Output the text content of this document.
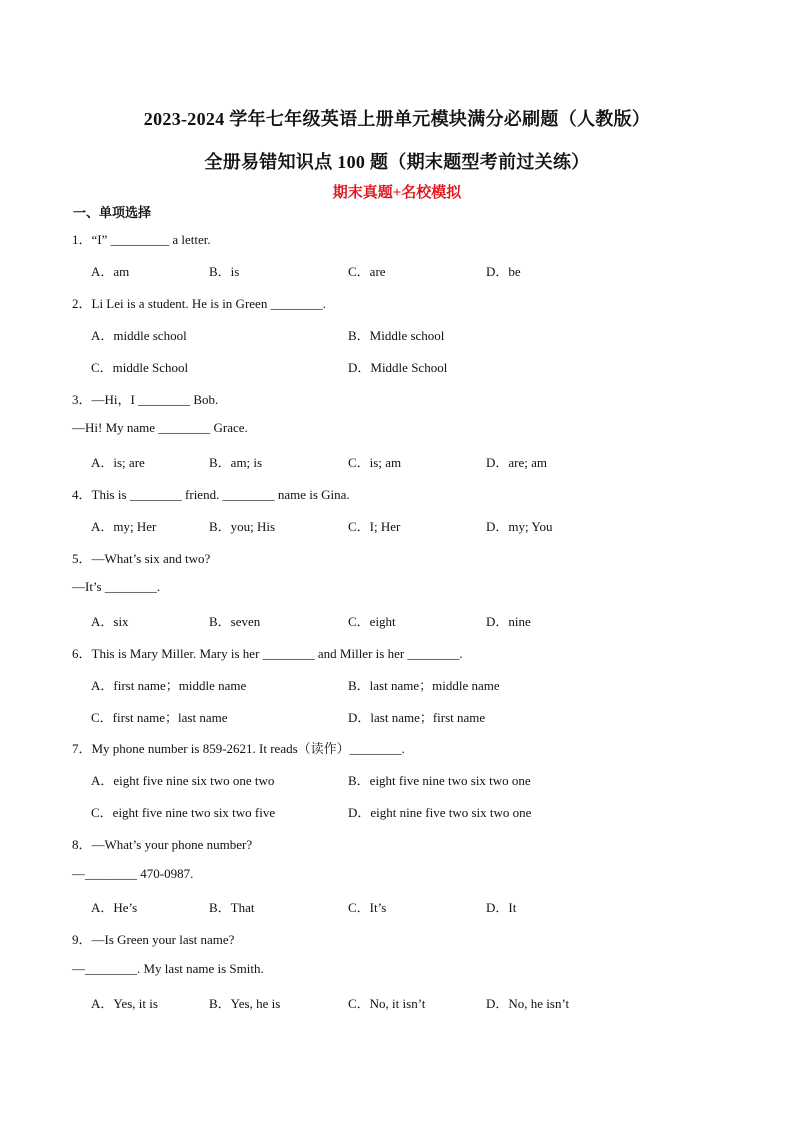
2023-2024 学年七年级英语上册单元模块满分必刷题（人教版）
全册易错知识点 100 题（期末题型考前过关练）
期末真题+名校模拟
一、单项选择
1．“I” _________ a letter.
A．am	B．is	C．are	D．be
2．Li Lei is a student. He is in Green ________.
A．middle school	B．Middle school
C．middle School	D．Middle School
3．—Hi，I ________ Bob.
—Hi! My name ________ Grace.
A．is; are	B．am; is	C．is; am	D．are; am
4．This is ________ friend. ________ name is Gina.
A．my; Her	B．you; His	C．I; Her	D．my; You
5．—What’s six and two?
—It’s ________.
A．six	B．seven	C．eight	D．nine
6．This is Mary Miller. Mary is her ________ and Miller is her ________.
A．first name；middle name	B．last name；middle name
C．first name；last name	D．last name；first name
7．My phone number is 859-2621. It reads（读作）________.
A．eight five nine six two one two	B．eight five nine two six two one
C．eight five nine two six two five	D．eight nine five two six two one
8．—What’s your phone number?
—________ 470-0987.
A．He’s	B．That	C．It’s	D．It
9．—Is Green your last name?
—________. My last name is Smith.
A．Yes, it is	B．Yes, he is	C．No, it isn’t	D．No, he isn’t
